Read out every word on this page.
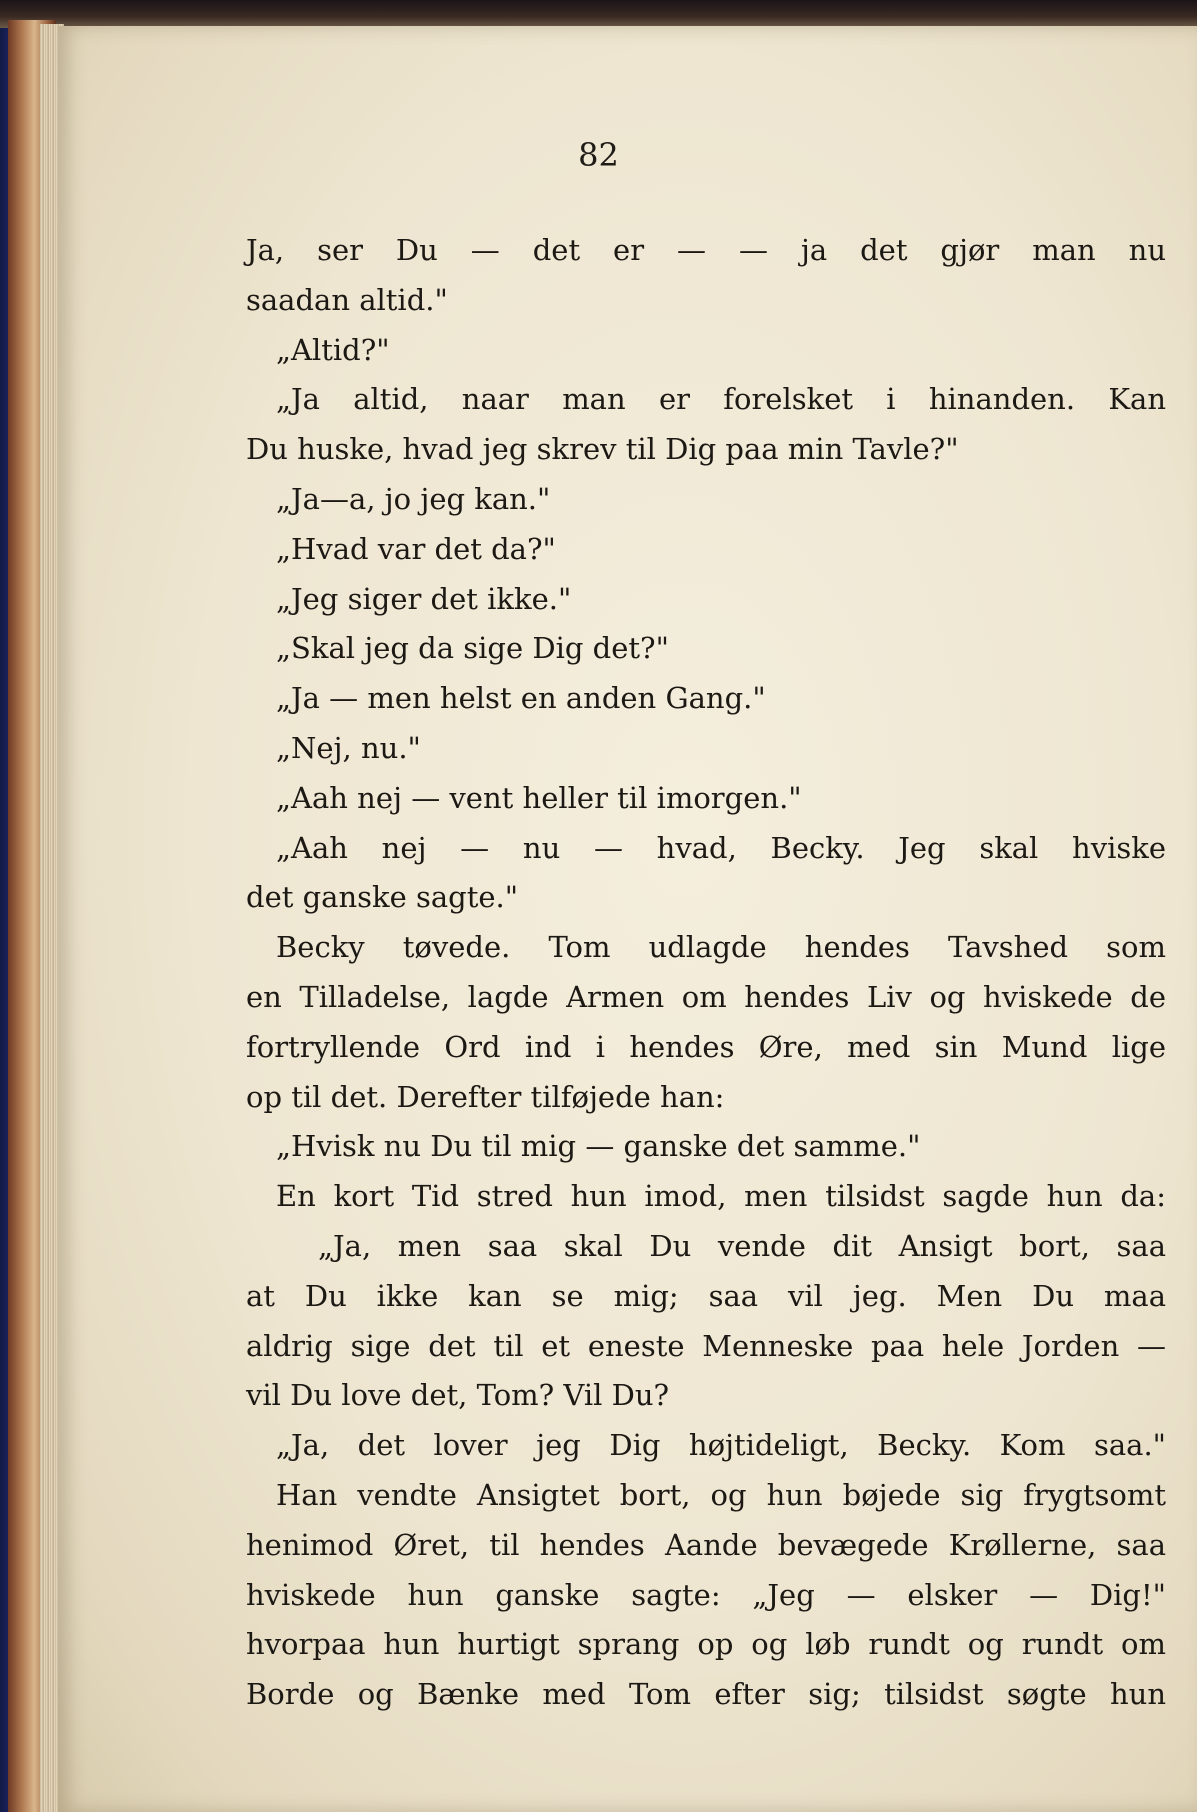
82

Ja, ser Du — det er — — ja det gjør man nu
saadan altid."
„Altid?"
„Ja altid, naar man er forelsket i hinanden. Kan
Du huske, hvad jeg skrev til Dig paa min Tavle?"
„Ja—a, jo jeg kan."
„Hvad var det da?"
„Jeg siger det ikke."
„Skal jeg da sige Dig det?"
„Ja — men helst en anden Gang."
„Nej, nu."
„Aah nej — vent heller til imorgen."
„Aah nej — nu — hvad, Becky. Jeg skal hviske
det ganske sagte."
Becky tøvede. Tom udlagde hendes Tavshed som
en Tilladelse, lagde Armen om hendes Liv og hviskede de
fortryllende Ord ind i hendes Øre, med sin Mund lige
op til det. Derefter tilføjede han:
„Hvisk nu Du til mig — ganske det samme."
En kort Tid stred hun imod, men tilsidst sagde hun da:
„Ja, men saa skal Du vende dit Ansigt bort, saa
at Du ikke kan se mig; saa vil jeg. Men Du maa
aldrig sige det til et eneste Menneske paa hele Jorden —
vil Du love det, Tom? Vil Du?
„Ja, det lover jeg Dig højtideligt, Becky. Kom saa."
Han vendte Ansigtet bort, og hun bøjede sig frygtsomt
henimod Øret, til hendes Aande bevægede Krøllerne, saa
hviskede hun ganske sagte: „Jeg — elsker — Dig!"
hvorpaa hun hurtigt sprang op og løb rundt og rundt om
Borde og Bænke med Tom efter sig; tilsidst søgte hun
